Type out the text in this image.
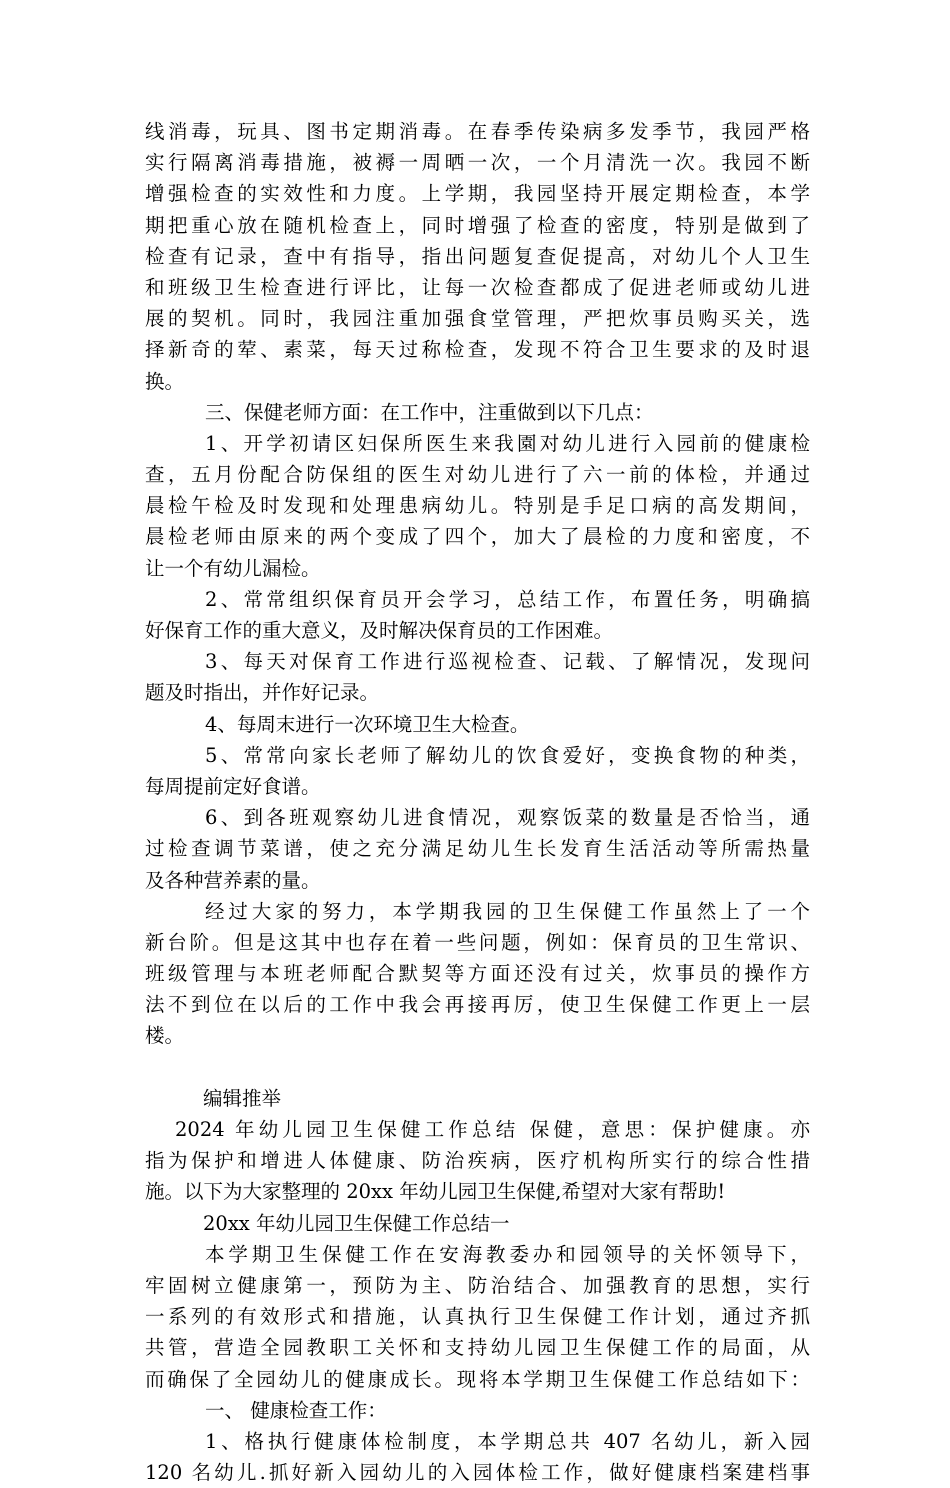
线消毒，玩具、图书定期消毒。在春季传染病多发季节，我园严格
实行隔离消毒措施，被褥一周晒一次，一个月清洗一次。我园不断
增强检查的实效性和力度。上学期，我园坚持开展定期检查，本学
期把重心放在随机检查上，同时增强了检查的密度，特别是做到了
检查有记录，查中有指导，指出问题复查促提高，对幼儿个人卫生
和班级卫生检查进行评比，让每一次检查都成了促进老师或幼儿进
展的契机。同时，我园注重加强食堂管理，严把炊事员购买关，选
择新奇的荤、素菜，每天过称检查，发现不符合卫生要求的及时退
换。
三、保健老师方面：在工作中，注重做到以下几点：
1、开学初请区妇保所医生来我園对幼儿进行入园前的健康检
查，五月份配合防保组的医生对幼儿进行了六一前的体检，并通过
晨检午检及时发现和处理患病幼儿。特别是手足口病的高发期间，
晨检老师由原来的两个变成了四个，加大了晨检的力度和密度，不
让一个有幼儿漏检。
2、常常组织保育员开会学习，总结工作，布置任务，明确搞
好保育工作的重大意义，及时解决保育员的工作困难。
3、每天对保育工作进行巡视检查、记载、了解情况，发现问
题及时指出，并作好记录。
4、每周末进行一次环境卫生大检查。
5、常常向家长老师了解幼儿的饮食爱好，变换食物的种类，
每周提前定好食谱。
6、到各班观察幼儿进食情况，观察饭菜的数量是否恰当，通
过检查调节菜谱，使之充分满足幼儿生长发育生活活动等所需热量
及各种营养素的量。
经过大家的努力，本学期我园的卫生保健工作虽然上了一个
新台阶。但是这其中也存在着一些问题，例如：保育员的卫生常识、
班级管理与本班老师配合默契等方面还没有过关，炊事员的操作方
法不到位在以后的工作中我会再接再厉，使卫生保健工作更上一层
楼。
编辑推举
2024 年幼儿园卫生保健工作总结 保健，意思：保护健康。亦
指为保护和增进人体健康、防治疾病，医疗机构所实行的综合性措
施。以下为大家整理的 20xx 年幼儿园卫生保健,希望对大家有帮助!
20xx 年幼儿园卫生保健工作总结一
本学期卫生保健工作在安海教委办和园领导的关怀领导下，
牢固树立健康第一，预防为主、防治结合、加强教育的思想，实行
一系列的有效形式和措施，认真执行卫生保健工作计划，通过齐抓
共管，营造全园教职工关怀和支持幼儿园卫生保健工作的局面，从
而确保了全园幼儿的健康成长。现将本学期卫生保健工作总结如下：
一、 健康检查工作：
1、格执行健康体检制度，本学期总共 407 名幼儿，新入园
120 名幼儿.抓好新入园幼儿的入园体检工作，做好健康档案建档事
